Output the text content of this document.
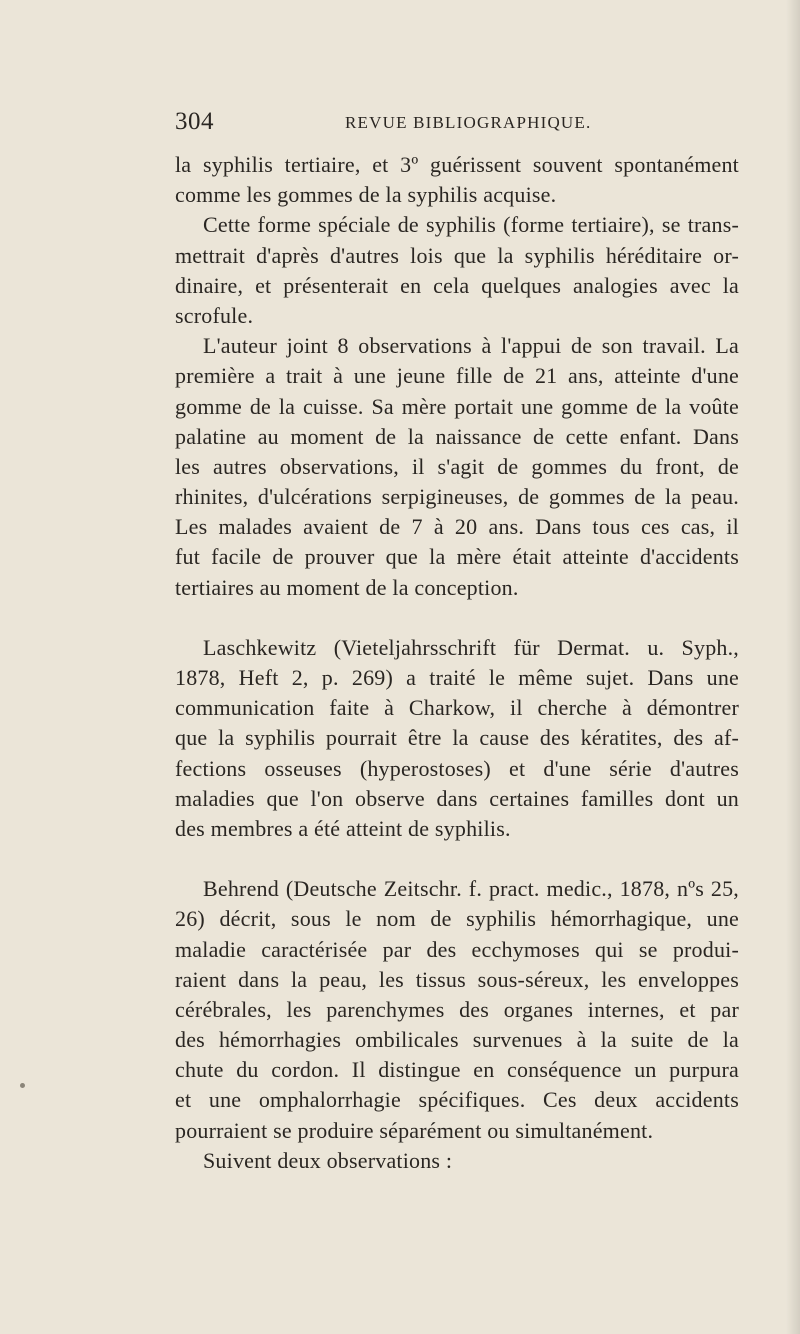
304	REVUE BIBLIOGRAPHIQUE.
la syphilis tertiaire, et 3º guérissent souvent spontanément
comme les gommes de la syphilis acquise.
Cette forme spéciale de syphilis (forme tertiaire), se trans-
mettrait d'après d'autres lois que la syphilis héréditaire or-
dinaire, et présenterait en cela quelques analogies avec la
scrofule.
L'auteur joint 8 observations à l'appui de son travail. La
première a trait à une jeune fille de 21 ans, atteinte d'une
gomme de la cuisse. Sa mère portait une gomme de la voûte
palatine au moment de la naissance de cette enfant. Dans
les autres observations, il s'agit de gommes du front, de
rhinites, d'ulcérations serpigineuses, de gommes de la peau.
Les malades avaient de 7 à 20 ans. Dans tous ces cas, il
fut facile de prouver que la mère était atteinte d'accidents
tertiaires au moment de la conception.
Laschkewitz (Vieteljahrsschrift für Dermat. u. Syph.,
1878, Heft 2, p. 269) a traité le même sujet. Dans une
communication faite à Charkow, il cherche à démontrer
que la syphilis pourrait être la cause des kératites, des af-
fections osseuses (hyperostoses) et d'une série d'autres
maladies que l'on observe dans certaines familles dont un
des membres a été atteint de syphilis.
Behrend (Deutsche Zeitschr. f. pract. medic., 1878, nºs 25,
26) décrit, sous le nom de syphilis hémorrhagique, une
maladie caractérisée par des ecchymoses qui se produi-
raient dans la peau, les tissus sous-séreux, les enveloppes
cérébrales, les parenchymes des organes internes, et par
des hémorrhagies ombilicales survenues à la suite de la
chute du cordon. Il distingue en conséquence un purpura
et une omphalorrhagie spécifiques. Ces deux accidents
pourraient se produire séparément ou simultanément.
Suivent deux observations :
